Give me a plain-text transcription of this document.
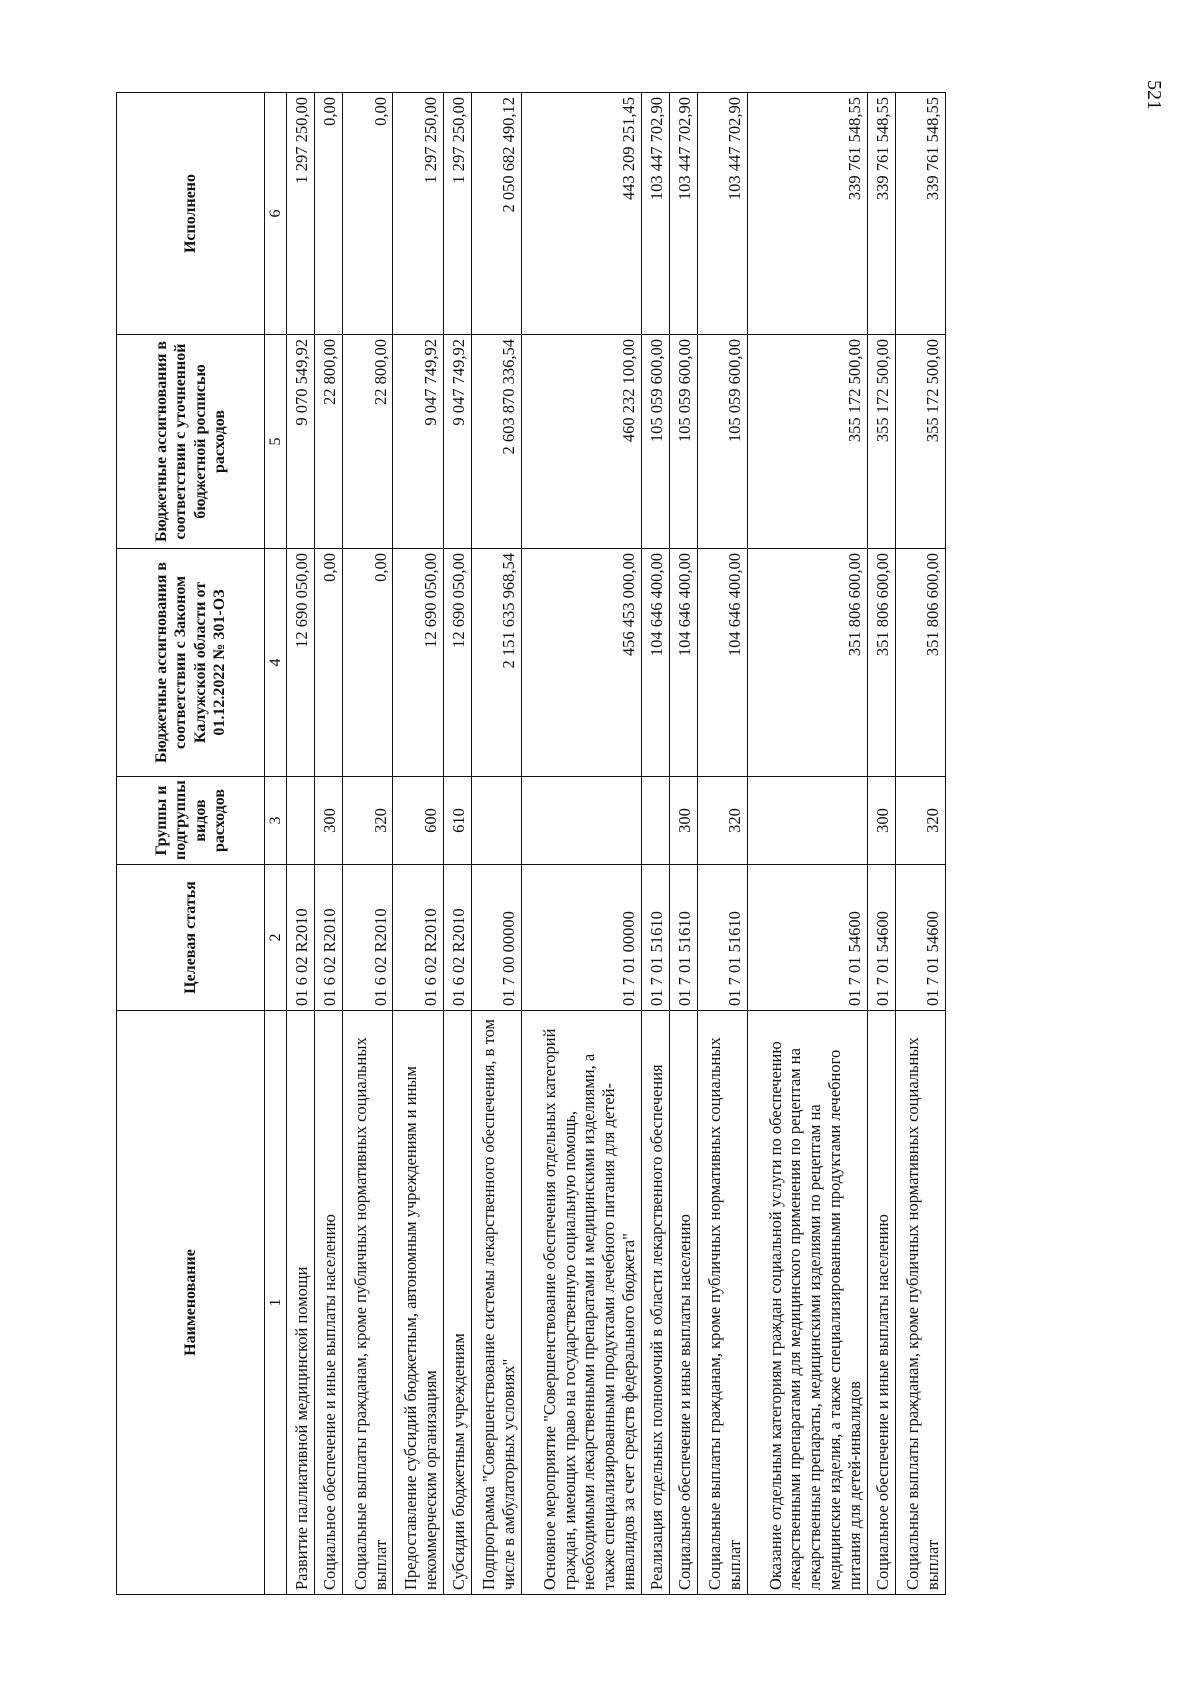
521
Наименование	Целевая статья	Группы и подгруппы видов расходов	Бюджетные ассигнования в соответствии с Законом Калужской области от 01.12.2022 № 301-ОЗ	Бюджетные ассигнования в соответствии с уточненной бюджетной росписью расходов	Исполнено
1	2	3	4	5	6
Развитие паллиативной медицинской помощи	01 6 02 R2010		12 690 050,00	9 070 549,92	1 297 250,00
Социальное обеспечение и иные выплаты населению	01 6 02 R2010	300	0,00	22 800,00	0,00
Социальные выплаты гражданам, кроме публичных нормативных социальных выплат	01 6 02 R2010	320	0,00	22 800,00	0,00
Предоставление субсидий бюджетным, автономным учреждениям и иным некоммерческим организациям	01 6 02 R2010	600	12 690 050,00	9 047 749,92	1 297 250,00
Субсидии бюджетным учреждениям	01 6 02 R2010	610	12 690 050,00	9 047 749,92	1 297 250,00
Подпрограмма "Совершенствование системы лекарственного обеспечения, в том числе в амбулаторных условиях"	01 7 00 00000		2 151 635 968,54	2 603 870 336,54	2 050 682 490,12
Основное мероприятие "Совершенствование обеспечения отдельных категорий граждан, имеющих право на государственную социальную помощь, необходимыми лекарственными препаратами и медицинскими изделиями, а также специализированными продуктами лечебного питания для детей-инвалидов за счет средств федерального бюджета"	01 7 01 00000		456 453 000,00	460 232 100,00	443 209 251,45
Реализация отдельных полномочий в области лекарственного обеспечения	01 7 01 51610		104 646 400,00	105 059 600,00	103 447 702,90
Социальное обеспечение и иные выплаты населению	01 7 01 51610	300	104 646 400,00	105 059 600,00	103 447 702,90
Социальные выплаты гражданам, кроме публичных нормативных социальных выплат	01 7 01 51610	320	104 646 400,00	105 059 600,00	103 447 702,90
Оказание отдельным категориям граждан социальной услуги по обеспечению лекарственными препаратами для медицинского применения по рецептам на лекарственные препараты, медицинскими изделиями по рецептам на медицинские изделия, а также специализированными продуктами лечебного питания для детей-инвалидов	01 7 01 54600		351 806 600,00	355 172 500,00	339 761 548,55
Социальное обеспечение и иные выплаты населению	01 7 01 54600	300	351 806 600,00	355 172 500,00	339 761 548,55
Социальные выплаты гражданам, кроме публичных нормативных социальных выплат	01 7 01 54600	320	351 806 600,00	355 172 500,00	339 761 548,55
